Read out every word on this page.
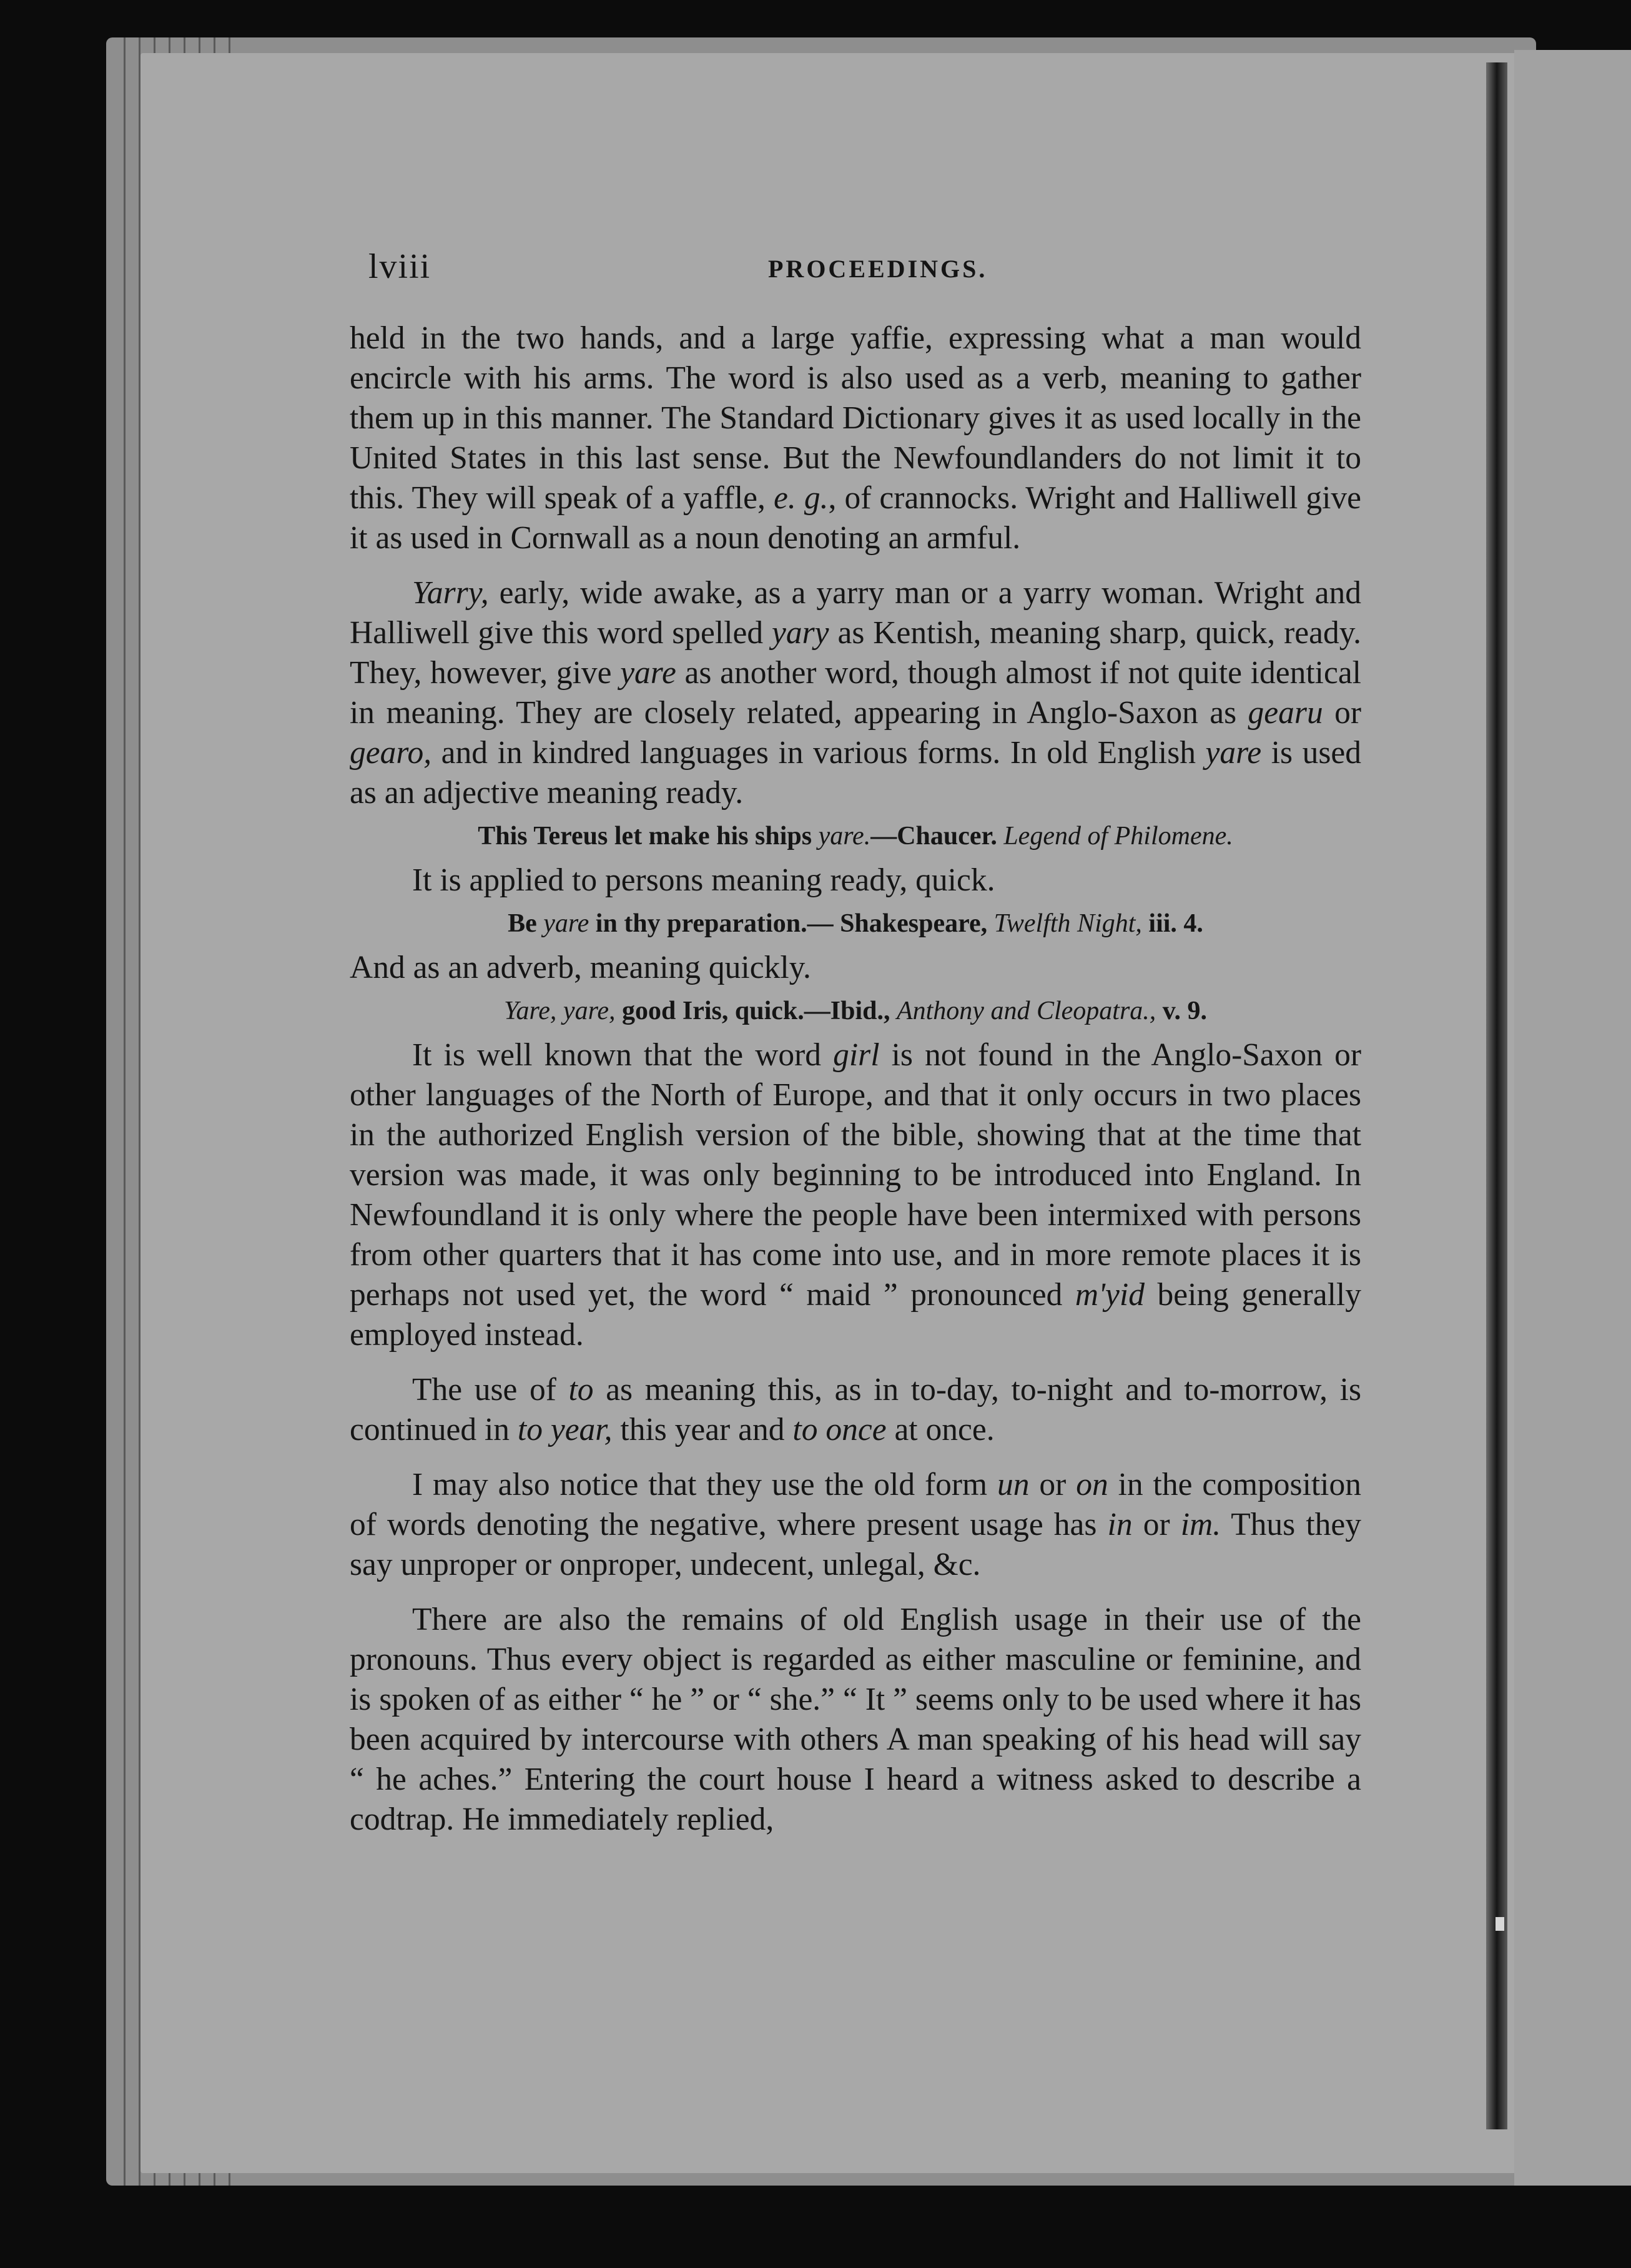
lviii	PROCEEDINGS.

held in the two hands, and a large yaffie, expressing what a man would encircle with his arms. The word is also used as a verb, meaning to gather them up in this manner. The Standard Dictionary gives it as used locally in the United States in this last sense. But the Newfoundlanders do not limit it to this. They will speak of a yaffle, e. g., of crannocks. Wright and Halliwell give it as used in Cornwall as a noun denoting an armful.

Yarry, early, wide awake, as a yarry man or a yarry woman. Wright and Halliwell give this word spelled yary as Kentish, meaning sharp, quick, ready. They, however, give yare as another word, though almost if not quite identical in meaning. They are closely related, appearing in Anglo-Saxon as gearu or gearo, and in kindred languages in various forms. In old English yare is used as an adjective meaning ready.

This Tereus let make his ships yare.—Chaucer. Legend of Philomene.

It is applied to persons meaning ready, quick.

Be yare in thy preparation.— Shakespeare, Twelfth Night, iii. 4.

And as an adverb, meaning quickly.

Yare, yare, good Iris, quick.—Ibid., Anthony and Cleopatra., v. 9.

It is well known that the word girl is not found in the Anglo-Saxon or other languages of the North of Europe, and that it only occurs in two places in the authorized English version of the bible, showing that at the time that version was made, it was only beginning to be introduced into England. In Newfoundland it is only where the people have been intermixed with persons from other quarters that it has come into use, and in more remote places it is perhaps not used yet, the word “ maid ” pronounced m'yid being generally employed instead.

The use of to as meaning this, as in to-day, to-night and to-morrow, is continued in to year, this year and to once at once.

I may also notice that they use the old form un or on in the composition of words denoting the negative, where present usage has in or im. Thus they say unproper or onproper, undecent, unlegal, &c.

There are also the remains of old English usage in their use of the pronouns. Thus every object is regarded as either masculine or feminine, and is spoken of as either “ he ” or “ she.” “ It ” seems only to be used where it has been acquired by intercourse with others A man speaking of his head will say “ he aches.” Entering the court house I heard a witness asked to describe a codtrap. He immediately replied,
